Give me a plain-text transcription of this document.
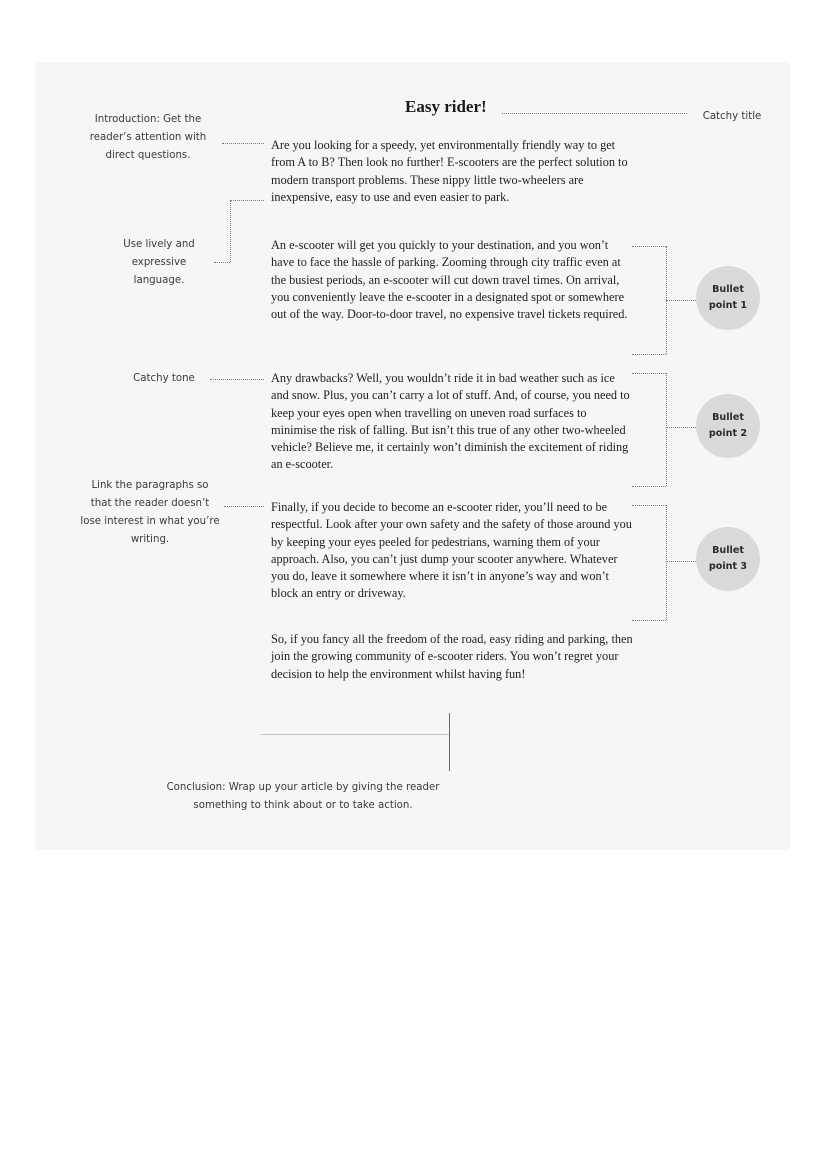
Easy rider!
Catchy title
Introduction: Get the reader’s attention with direct questions.
Use lively and expressive language.
Catchy tone
Link the paragraphs so that the reader doesn’t lose interest in what you’re writing.

Are you looking for a speedy, yet environmentally friendly way to get from A to B? Then look no further! E-scooters are the perfect solution to modern transport problems. These nippy little two-wheelers are inexpensive, easy to use and even easier to park.

An e-scooter will get you quickly to your destination, and you won’t have to face the hassle of parking. Zooming through city traffic even at the busiest periods, an e-scooter will cut down travel times. On arrival, you conveniently leave the e-scooter in a designated spot or somewhere out of the way. Door-to-door travel, no expensive travel tickets required.

Any drawbacks? Well, you wouldn’t ride it in bad weather such as ice and snow. Plus, you can’t carry a lot of stuff. And, of course, you need to keep your eyes open when travelling on uneven road surfaces to minimise the risk of falling. But isn’t this true of any other two-wheeled vehicle? Believe me, it certainly won’t diminish the excitement of riding an e-scooter.

Finally, if you decide to become an e-scooter rider, you’ll need to be respectful. Look after your own safety and the safety of those around you by keeping your eyes peeled for pedestrians, warning them of your approach. Also, you can’t just dump your scooter anywhere. Whatever you do, leave it somewhere where it isn’t in anyone’s way and won’t block an entry or driveway.

So, if you fancy all the freedom of the road, easy riding and parking, then join the growing community of e-scooter riders. You won’t regret your decision to help the environment whilst having fun!

Bullet point 1
Bullet point 2
Bullet point 3
Conclusion: Wrap up your article by giving the reader something to think about or to take action.
